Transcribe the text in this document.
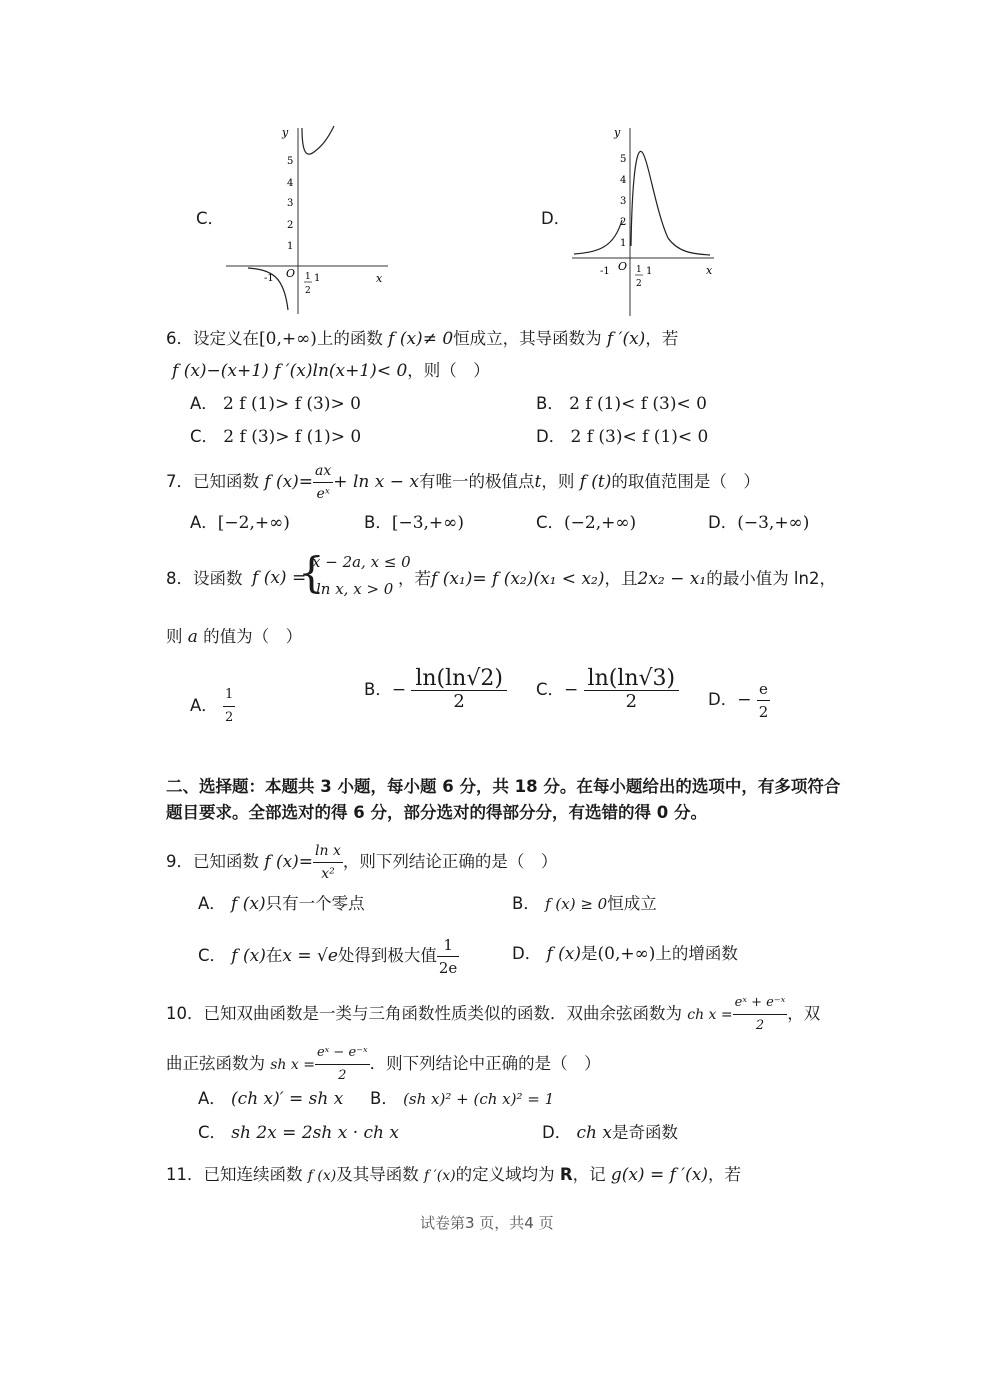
C．
y
x
O
5
4
3
2
1
-1	1
1
2
D．
y
x
O
5
4
3
2
1
-1	1
1
2
6．设定义在[0,+∞)上的函数 f (x)≠ 0恒成立，其导函数为 f ′(x)，若
f (x)−(x+1) f ′(x)ln(x+1)< 0，则（　）
A． 2 f (1)> f (3)> 0	B． 2 f (1)< f (3)< 0
C． 2 f (3)> f (1)> 0	D． 2 f (3)< f (1)< 0
7．已知函数 f $(x)= \frac{ax}{\text{eˣ}} + \ln x - x$有唯一的极值点t，则 f (t)的取值范围是（　）
A．[−2,+∞)	B．[−3,+∞)	C．(−2,+∞)	D．(−3,+∞)
8．设函数 f (x) =
{
x − 2a, x ≤ 0
ln x, x > 0
，若f (x₁)= f (x₂)(x₁ < x₂)，且2x₂ − x₁的最小值为 ln2，
则 a 的值为（　）
A． $\frac{1}{2}$	B．− $\frac{\ln(\ln√2)}{2}$ C．− $\frac{\ln(\ln√3)}{2}$ D．− $\frac{e}{2}$
二、选择题：本题共 3 小题，每小题 6 分，共 18 分。在每小题给出的选项中，有多项符合
题目要求。全部选对的得 6 分，部分选对的得部分分，有选错的得 0 分。
9．已知函数 f $(x)= \frac{\text{ln x}}{\text{x²}}$ ，则下列结论正确的是（　）
A． f (x)只有一个零点	B． f (x) ≥ 0恒成立
C． f (x)在x = √e处得到极大值 $\frac{1}{2e}$	D． f (x)是(0,+∞)上的增函数
10．已知双曲函数是一类与三角函数性质类似的函数．双曲余弦函数为 ch $x = \frac{\text{eˣ + e⁻ˣ}}{2}$ ，双
曲正弦函数为 sh $x = \frac{\text{eˣ − e⁻ˣ}}{2}$ ．则下列结论中正确的是（　）
A． (ch x)′ = sh x B． (sh x)² + (ch x)² = 1
C． sh 2x = 2sh x · ch x	D． ch x是奇函数
11．已知连续函数 f (x)及其导函数 f ′(x)的定义域均为 R，记 g(x) = f ′(x)，若
试卷第3 页，共4 页
